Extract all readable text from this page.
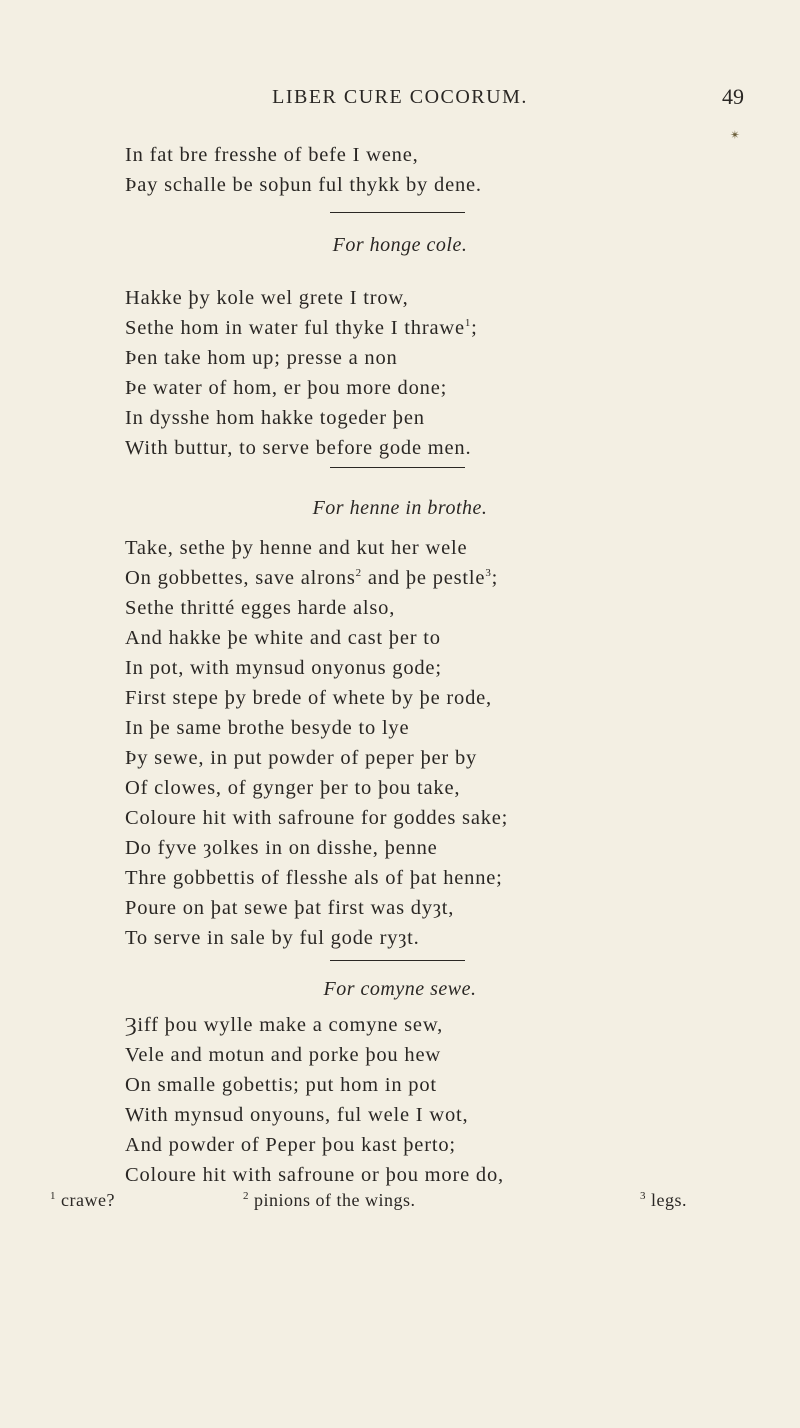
LIBER CURE COCORUM.	49
✴
In fat bre fresshe of befe I wene,
Þay schalle be soþun ful thykk by dene.
For honge cole.
Hakke þy kole wel grete I trow,
Sethe hom in water ful thyke I thrawe$^1$;
Þen take hom up; presse a non
Þe water of hom, er þou more done;
In dysshe hom hakke togeder þen
With buttur, to serve before gode men.
For henne in brothe.
Take, sethe þy henne and kut her wele
On gobbettes, save alrons$^2$ and þe pestle$^3$;
Sethe thritté egges harde also,
And hakke þe white and cast þer to
In pot, with mynsud onyonus gode;
First stepe þy brede of whete by þe rode,
In þe same brothe besyde to lye
Þy sewe, in put powder of peper þer by
Of clowes, of gynger þer to þou take,
Coloure hit with safroune for goddes sake;
Do fyve ȝolkes in on disshe, þenne
Thre gobbettis of flesshe als of þat henne;
Poure on þat sewe þat first was dyȝt,
To serve in sale by ful gode ryȝt.
For comyne sewe.
Ȝiff þou wylle make a comyne sew,
Vele and motun and porke þou hew
On smalle gobettis; put hom in pot
With mynsud onyouns, ful wele I wot,
And powder of Peper þou kast þerto;
Coloure hit with safroune or þou more do,
$^1$ crawe?	$^2$ pinions of the wings.	$^3$ legs.
